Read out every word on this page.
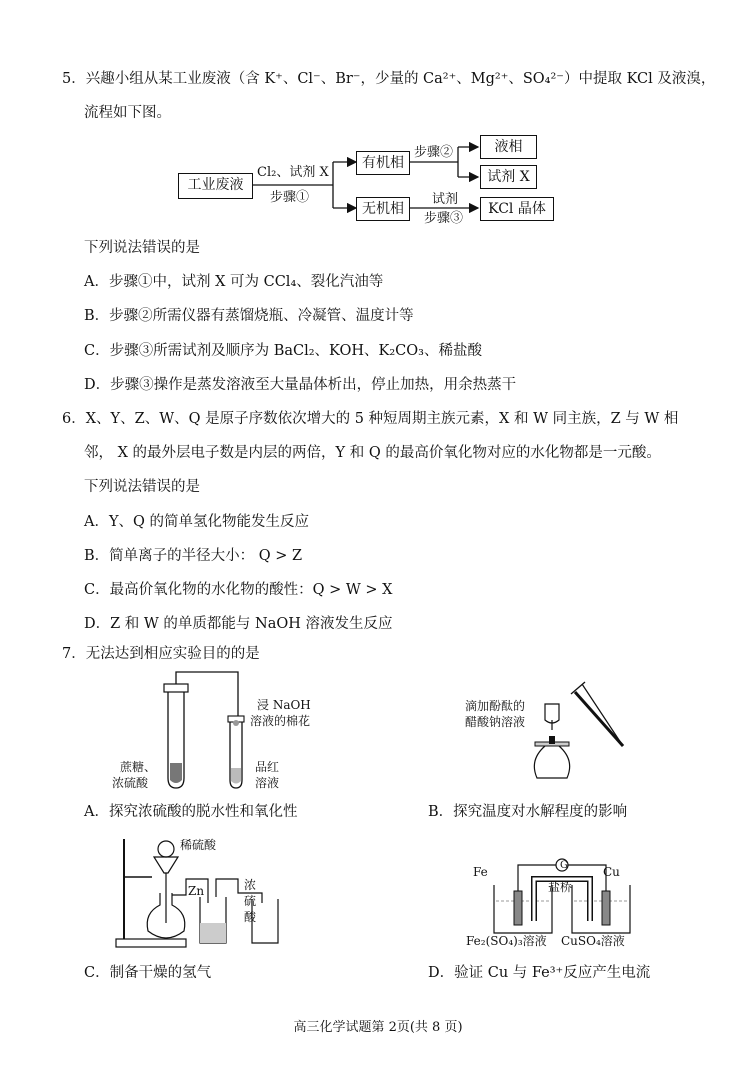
5．兴趣小组从某工业废液（含 K⁺、Cl⁻、Br⁻，少量的 Ca²⁺、Mg²⁺、SO₄²⁻）中提取 KCl 及液溴，
流程如下图。
工业废液
Cl₂、试剂 X
步骤①
有机相
步骤②	液相
试剂 X
无机相
试剂
步骤③
KCl 晶体
下列说法错误的是
A．步骤①中，试剂 X 可为 CCl₄、裂化汽油等
B．步骤②所需仪器有蒸馏烧瓶、冷凝管、温度计等
C．步骤③所需试剂及顺序为 BaCl₂、KOH、K₂CO₃、稀盐酸
D．步骤③操作是蒸发溶液至大量晶体析出，停止加热，用余热蒸干
6．X、Y、Z、W、Q 是原子序数依次增大的 5 种短周期主族元素，X 和 W 同主族，Z 与 W 相
邻， X 的最外层电子数是内层的两倍，Y 和 Q 的最高价氧化物对应的水化物都是一元酸。
下列说法错误的是
A．Y、Q 的简单氢化物能发生反应
B．简单离子的半径大小： Q > Z
C．最高价氧化物的水化物的酸性：Q > W > X
D．Z 和 W 的单质都能与 NaOH 溶液发生反应
7．无法达到相应实验目的的是
浸 NaOH
溶液的棉花
蔗糖、
浓硫酸
品红
溶液
A．探究浓硫酸的脱水性和氧化性
滴加酚酞的
醋酸钠溶液
B．探究温度对水解程度的影响
稀硫酸
Zn	浓
硫
酸
C．制备干燥的氢气
G
Fe	Cu
盐桥
Fe₂(SO₄)₃溶液 CuSO₄溶液
D．验证 Cu 与 Fe³⁺反应产生电流
高三化学试题第 2页(共 8 页)
